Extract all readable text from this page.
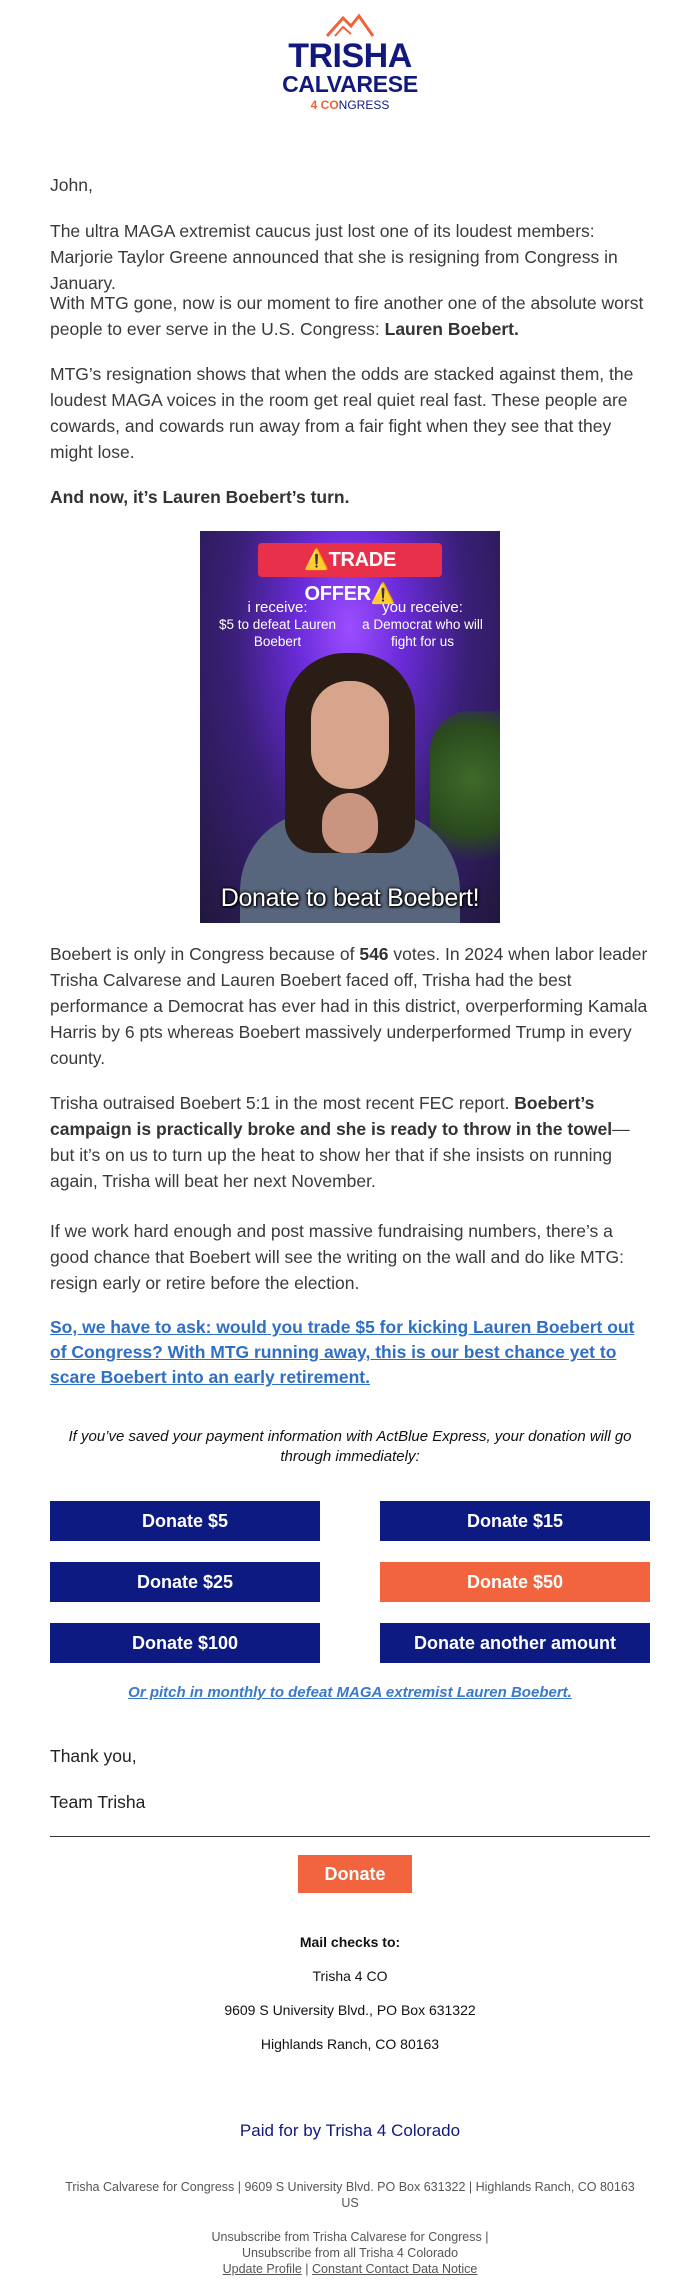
TRISHA
CALVARESE
4 CONGRESS
John,
The ultra MAGA extremist caucus just lost one of its loudest members: Marjorie Taylor Greene announced that she is resigning from Congress in January.
With MTG gone, now is our moment to fire another one of the absolute worst people to ever serve in the U.S. Congress: Lauren Boebert.
MTG’s resignation shows that when the odds are stacked against them, the loudest MAGA voices in the room get real quiet real fast. These people are cowards, and cowards run away from a fair fight when they see that they might lose.
And now, it’s Lauren Boebert’s turn.
⚠️TRADE OFFER⚠️
i receive:
$5 to defeat Lauren Boebert
you receive:
a Democrat who will fight for us
Donate to beat Boebert!
Boebert is only in Congress because of 546 votes. In 2024 when labor leader Trisha Calvarese and Lauren Boebert faced off, Trisha had the best performance a Democrat has ever had in this district, overperforming Kamala Harris by 6 pts whereas Boebert massively underperformed Trump in every county.
Trisha outraised Boebert 5:1 in the most recent FEC report. Boebert’s campaign is practically broke and she is ready to throw in the towel—but it’s on us to turn up the heat to show her that if she insists on running again, Trisha will beat her next November.
If we work hard enough and post massive fundraising numbers, there’s a good chance that Boebert will see the writing on the wall and do like MTG: resign early or retire before the election.
So, we have to ask: would you trade $5 for kicking Lauren Boebert out of Congress? With MTG running away, this is our best chance yet to scare Boebert into an early retirement.
If you’ve saved your payment information with ActBlue Express, your donation will go through immediately:
Donate $5	Donate $15
Donate $25	Donate $50
Donate $100	Donate another amount
Or pitch in monthly to defeat MAGA extremist Lauren Boebert.
Thank you,
Team Trisha
Donate
Mail checks to:
Trisha 4 CO
9609 S University Blvd., PO Box 631322
Highlands Ranch, CO 80163
Paid for by Trisha 4 Colorado
Trisha Calvarese for Congress | 9609 S University Blvd. PO Box 631322 | Highlands Ranch, CO 80163 US
Unsubscribe from Trisha Calvarese for Congress |
Unsubscribe from all Trisha 4 Colorado
Update Profile | Constant Contact Data Notice
